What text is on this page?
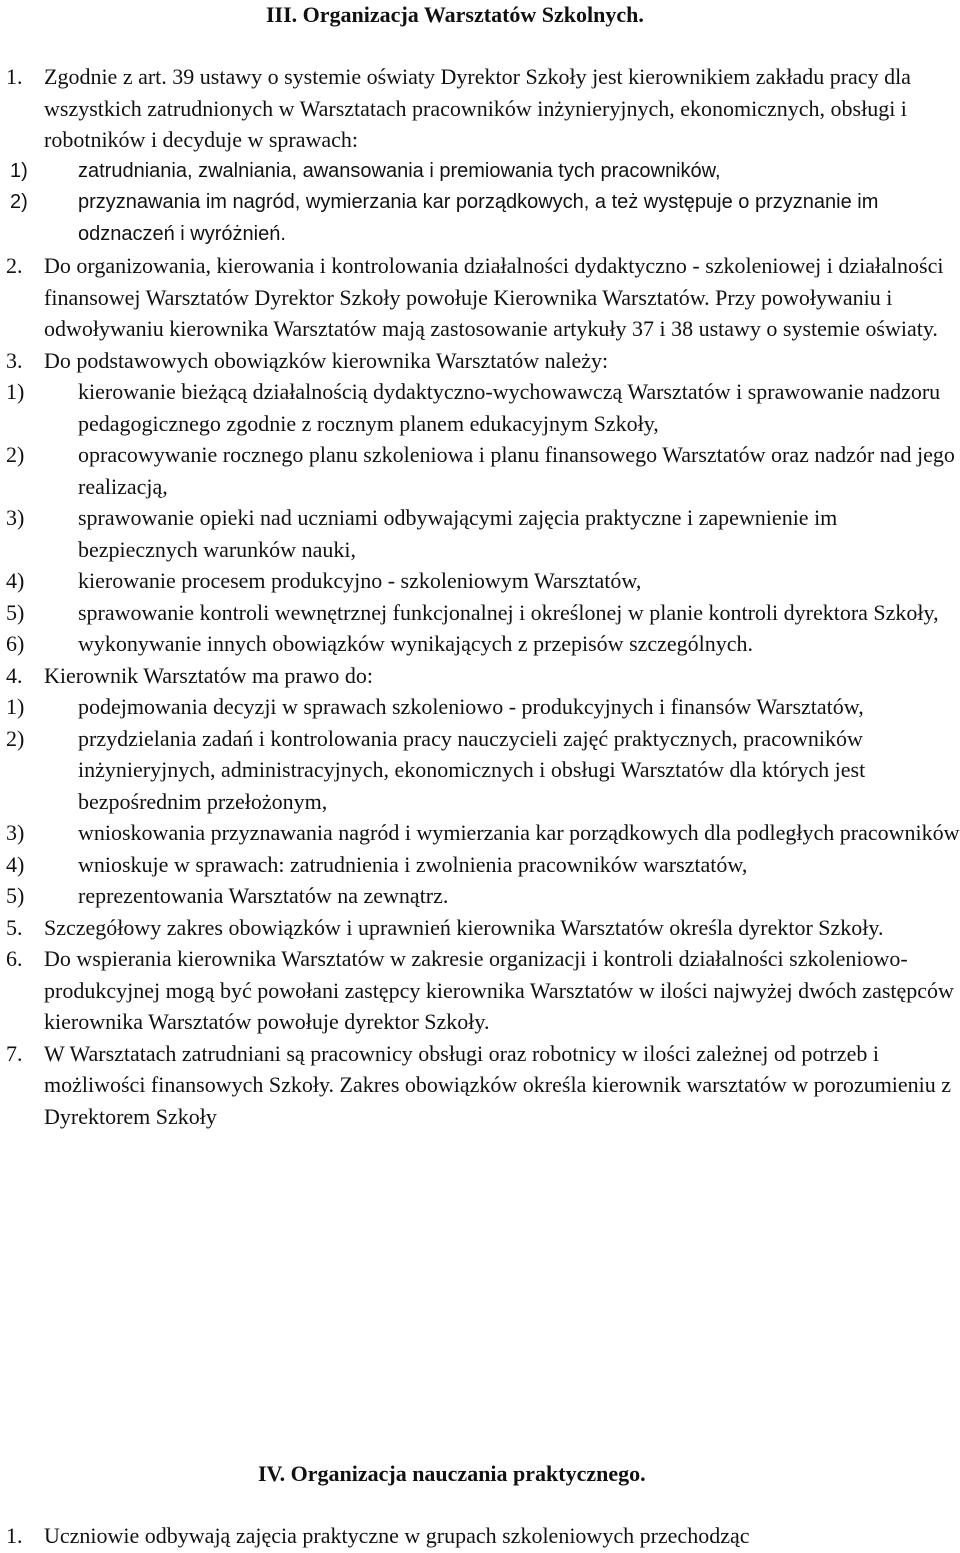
III. Organizacja Warsztatów Szkolnych.
1. Zgodnie z art. 39 ustawy o systemie oświaty Dyrektor Szkoły jest kierownikiem zakładu pracy dla wszystkich zatrudnionych w Warsztatach pracowników inżynieryjnych, ekonomicznych, obsługi i robotników i decyduje w sprawach:
1)	zatrudniania, zwalniania, awansowania i premiowania tych pracowników,
2)	przyznawania im nagród, wymierzania kar porządkowych, a też występuje o przyznanie im odznaczeń i wyróżnień.
2. Do organizowania, kierowania i kontrolowania działalności dydaktyczno - szkoleniowej i działalności finansowej Warsztatów Dyrektor Szkoły powołuje Kierownika Warsztatów. Przy powoływaniu i odwoływaniu kierownika Warsztatów mają zastosowanie artykuły 37 i 38 ustawy o systemie oświaty.
3. Do podstawowych obowiązków kierownika Warsztatów należy:
1) kierowanie bieżącą działalnością dydaktyczno-wychowawczą Warsztatów i sprawowanie nadzoru pedagogicznego zgodnie z rocznym planem edukacyjnym Szkoły,
2) opracowywanie rocznego planu szkoleniowa i planu finansowego Warsztatów oraz nadzór nad jego realizacją,
3) sprawowanie opieki nad uczniami odbywającymi zajęcia praktyczne i zapewnienie im bezpiecznych warunków nauki,
4) kierowanie procesem produkcyjno - szkoleniowym Warsztatów,
5) sprawowanie kontroli wewnętrznej funkcjonalnej i określonej w planie kontroli dyrektora Szkoły,
6) wykonywanie innych obowiązków wynikających z przepisów szczególnych.
4. Kierownik Warsztatów ma prawo do:
1) podejmowania decyzji w sprawach szkoleniowo - produkcyjnych i finansów Warsztatów,
2) przydzielania zadań i kontrolowania pracy nauczycieli zajęć praktycznych, pracowników inżynieryjnych, administracyjnych, ekonomicznych i obsługi Warsztatów dla których jest bezpośrednim przełożonym,
3) wnioskowania przyznawania nagród i wymierzania kar porządkowych dla podległych pracowników
4) wnioskuje w sprawach: zatrudnienia i zwolnienia pracowników warsztatów,
5) reprezentowania Warsztatów na zewnątrz.
5. Szczegółowy zakres obowiązków i uprawnień kierownika Warsztatów określa dyrektor Szkoły.
6. Do wspierania kierownika Warsztatów w zakresie organizacji i kontroli działalności szkoleniowo-produkcyjnej mogą być powołani zastępcy kierownika Warsztatów w ilości najwyżej dwóch zastępców kierownika Warsztatów powołuje dyrektor Szkoły.
7. W Warsztatach zatrudniani są pracownicy obsługi oraz robotnicy w ilości zależnej od potrzeb i możliwości finansowych Szkoły. Zakres obowiązków określa kierownik warsztatów w porozumieniu z Dyrektorem Szkoły
IV. Organizacja nauczania praktycznego.
1. Uczniowie odbywają zajęcia praktyczne w grupach szkoleniowych przechodząc
